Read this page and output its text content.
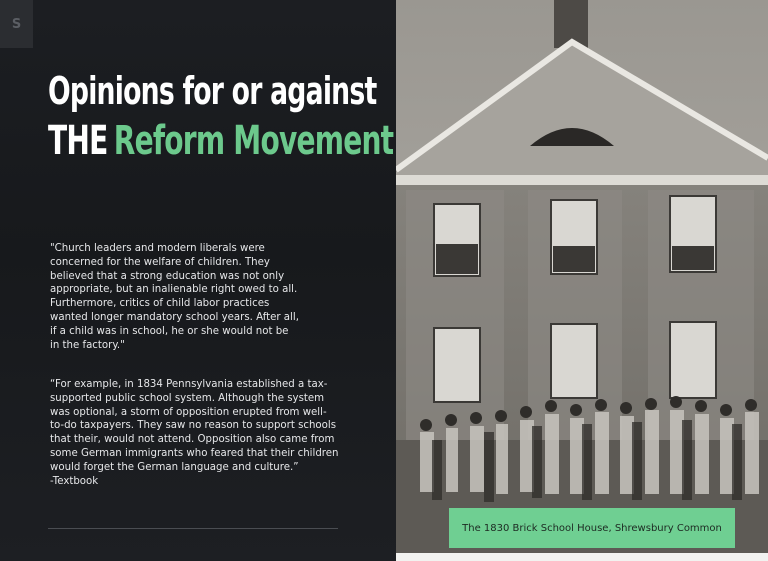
S
Opinions for or against
THE Reform Movement
"Church leaders and modern liberals were concerned for the welfare of children. They believed that a strong education was not only appropriate, but an inalienable right owed to all. Furthermore, critics of child labor practices wanted longer mandatory school years. After all, if a child was in school, he or she would not be in the factory."
“For example, in 1834 Pennsylvania established a tax-supported public school system. Although the system was optional, a storm of opposition erupted from well-to-do taxpayers. They saw no reason to support schools that their, would not attend. Opposition also came from some German immigrants who feared that their children would forget the German language and culture.”
-Textbook
The 1830 Brick School House, Shrewsbury Common
